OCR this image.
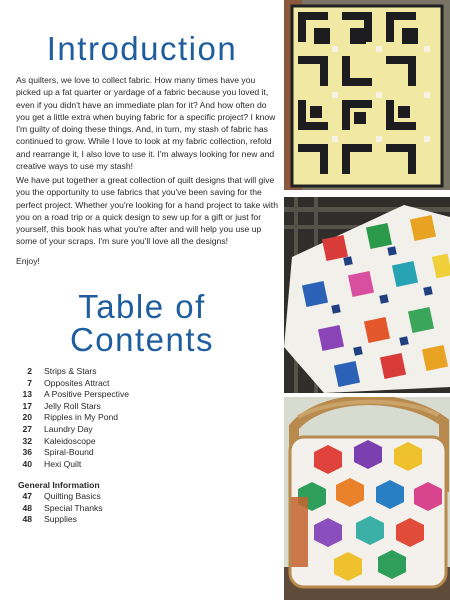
Introduction

As quilters, we love to collect fabric. How many times have you picked up a fat quarter or yardage of a fabric because you loved it, even if you didn't have an immediate plan for it? And how often do you get a little extra when buying fabric for a specific project? I know I'm guilty of doing these things. And, in turn, my stash of fabric has continued to grow. While I love to look at my fabric collection, refold and rearrange it, I also love to use it. I'm always looking for new and creative ways to use my stash!

We have put together a great collection of quilt designs that will give you the opportunity to use fabrics that you've been saving for the perfect project. Whether you're looking for a hand project to take with you on a road trip or a quick design to sew up for a gift or just for yourself, this book has what you're after and will help you use up some of your scraps. I'm sure you'll love all the designs!

Enjoy!

Table of
Contents
2 Strips & Stars
7 Opposites Attract
13 A Positive Perspective
17 Jelly Roll Stars
20 Ripples in My Pond
27 Laundry Day
32 Kaleidoscope
36 Spiral-Bound
40 Hexi Quilt
General Information
47 Quilting Basics
48 Special Thanks
48 Supplies
